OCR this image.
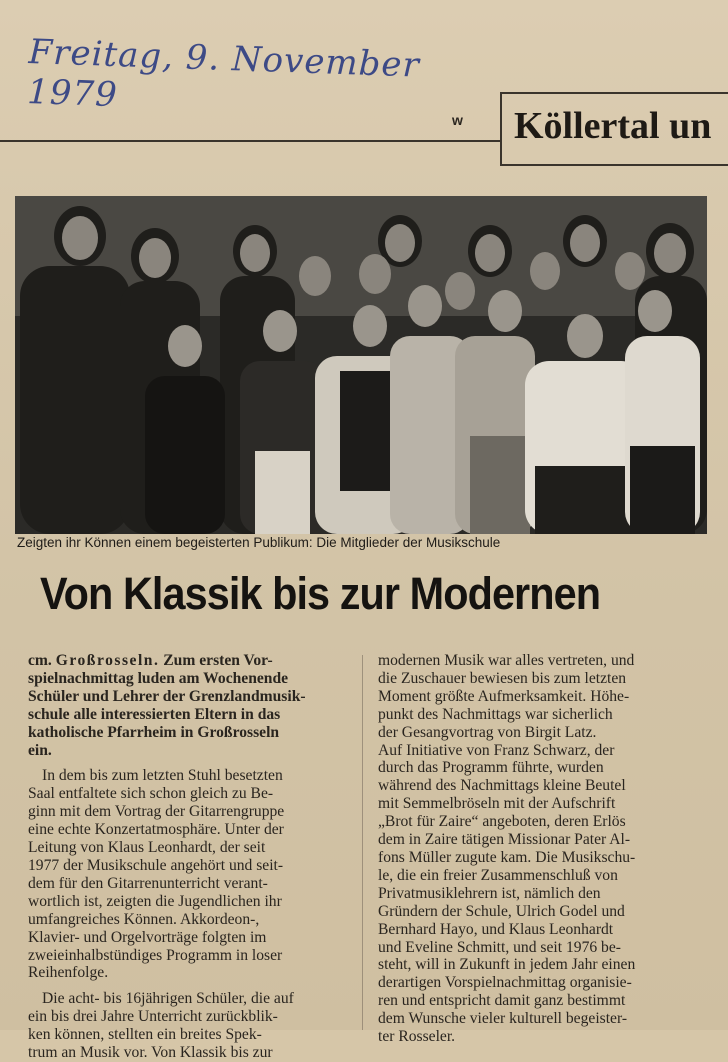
Freitag, 9. November 1979
w Köllertal un
Zeigten ihr Können einem begeisterten Publikum: Die Mitglieder der Musikschule
Von Klassik bis zur Modernen
cm. Großrosseln. Zum ersten Vor-
spielnachmittag luden am Wochenende
Schüler und Lehrer der Grenzlandmusik-
schule alle interessierten Eltern in das
katholische Pfarrheim in Großrosseln
ein.
In dem bis zum letzten Stuhl besetzten
Saal entfaltete sich schon gleich zu Be-
ginn mit dem Vortrag der Gitarrengruppe
eine echte Konzertatmosphäre. Unter der
Leitung von Klaus Leonhardt, der seit
1977 der Musikschule angehört und seit-
dem für den Gitarrenunterricht verant-
wortlich ist, zeigten die Jugendlichen ihr
umfangreiches Können. Akkordeon-,
Klavier- und Orgelvorträge folgten im
zweieinhalbstündiges Programm in loser
Reihenfolge.
Die acht- bis 16jährigen Schüler, die auf
ein bis drei Jahre Unterricht zurückblik-
ken können, stellten ein breites Spek-
trum an Musik vor. Von Klassik bis zur
modernen Musik war alles vertreten, und
die Zuschauer bewiesen bis zum letzten
Moment größte Aufmerksamkeit. Höhe-
punkt des Nachmittags war sicherlich
der Gesangvortrag von Birgit Latz.
Auf Initiative von Franz Schwarz, der
durch das Programm führte, wurden
während des Nachmittags kleine Beutel
mit Semmelbröseln mit der Aufschrift
„Brot für Zaire“ angeboten, deren Erlös
dem in Zaire tätigen Missionar Pater Al-
fons Müller zugute kam. Die Musikschu-
le, die ein freier Zusammenschluß von
Privatmusiklehrern ist, nämlich den
Gründern der Schule, Ulrich Godel und
Bernhard Hayo, und Klaus Leonhardt
und Eveline Schmitt, und seit 1976 be-
steht, will in Zukunft in jedem Jahr einen
derartigen Vorspielnachmittag organisie-
ren und entspricht damit ganz bestimmt
dem Wunsche vieler kulturell begeister-
ter Rosseler.
